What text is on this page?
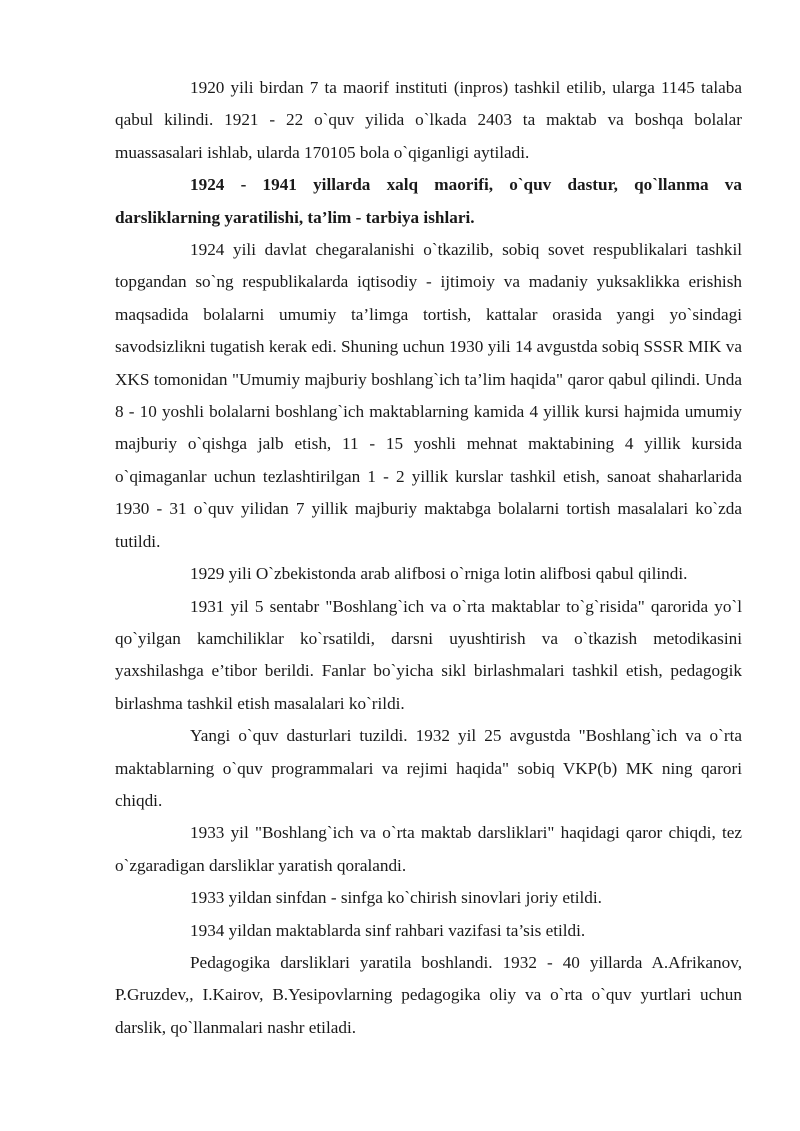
1920 yili birdan 7 ta maorif instituti (inpros) tashkil etilib, ularga 1145 talaba qabul kilindi. 1921 - 22 o`quv yilida o`lkada 2403 ta maktab va boshqa bolalar muassasalari ishlab, ularda 170105 bola o`qiganligi aytiladi.

1924 - 1941 yillarda xalq maorifi, o`quv dastur, qo`llanma va darsliklarning yaratilishi, ta’lim - tarbiya ishlari.

1924 yili davlat chegaralanishi o`tkazilib, sobiq sovet respublikalari tashkil topgandan so`ng respublikalarda iqtisodiy - ijtimoiy va madaniy yuksaklikka erishish maqsadida bolalarni umumiy ta’limga tortish, kattalar orasida yangi yo`sindagi savodsizlikni tugatish kerak edi. Shuning uchun 1930 yili 14 avgustda sobiq SSSR MIK va XKS tomonidan "Umumiy majburiy boshlang`ich ta’lim haqida" qaror qabul qilindi. Unda 8 - 10 yoshli bolalarni boshlang`ich maktablarning kamida 4 yillik kursi hajmida umumiy majburiy o`qishga jalb etish, 11 - 15 yoshli mehnat maktabining 4 yillik kursida o`qimaganlar uchun tezlashtirilgan 1 - 2 yillik kurslar tashkil etish, sanoat shaharlarida 1930 - 31 o`quv yilidan 7 yillik majburiy maktabga bolalarni tortish masalalari ko`zda tutildi.

1929 yili O`zbekistonda arab alifbosi o`rniga lotin alifbosi qabul qilindi.

1931 yil 5 sentabr "Boshlang`ich va o`rta maktablar to`g`risida" qarorida yo`l qo`yilgan kamchiliklar ko`rsatildi, darsni uyushtirish va o`tkazish metodikasini yaxshilashga e’tibor berildi. Fanlar bo`yicha sikl birlashmalari tashkil etish, pedagogik birlashma tashkil etish masalalari ko`rildi.

Yangi o`quv dasturlari tuzildi. 1932 yil 25 avgustda "Boshlang`ich va o`rta maktablarning o`quv programmalari va rejimi haqida" sobiq VKP(b) MK ning qarori chiqdi.

1933 yil "Boshlang`ich va o`rta maktab darsliklari" haqidagi qaror chiqdi, tez o`zgaradigan darsliklar yaratish qoralandi.

1933 yildan sinfdan - sinfga ko`chirish sinovlari joriy etildi.

1934 yildan maktablarda sinf rahbari vazifasi ta’sis etildi.

Pedagogika darsliklari yaratila boshlandi. 1932 - 40 yillarda A.Afrikanov, P.Gruzdev,, I.Kairov, B.Yesipovlarning pedagogika oliy va o`rta o`quv yurtlari uchun darslik, qo`llanmalari nashr etiladi.
